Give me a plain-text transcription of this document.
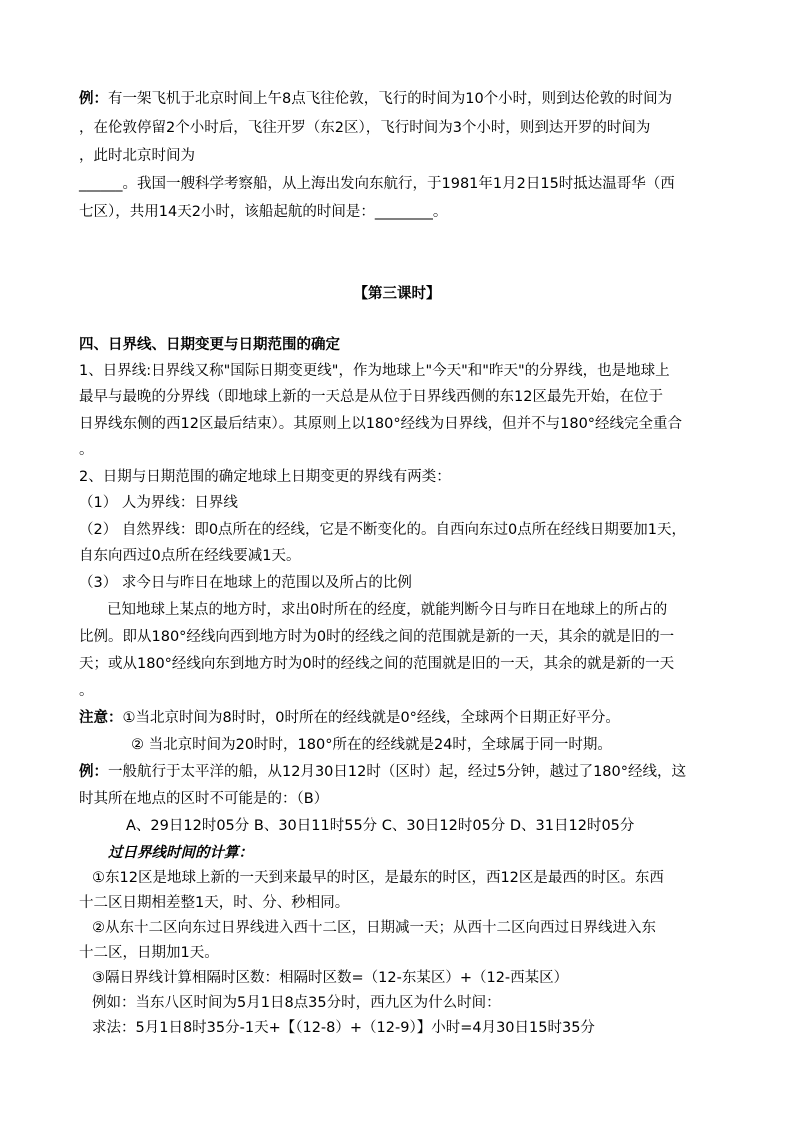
例：有一架飞机于北京时间上午8点飞往伦敦，飞行的时间为10个小时，则到达伦敦的时间为
，在伦敦停留2个小时后，飞往开罗（东2区），飞行时间为3个小时，则到达开罗的时间为
，此时北京时间为
______。我国一艘科学考察船，从上海出发向东航行，于1981年1月2日15时抵达温哥华（西
七区），共用14天2小时，该船起航的时间是：________。
【第三课时】
四、日界线、日期变更与日期范围的确定
1、日界线:日界线又称"国际日期变更线"，作为地球上"今天"和"昨天"的分界线，也是地球上
最早与最晚的分界线（即地球上新的一天总是从位于日界线西侧的东12区最先开始，在位于
日界线东侧的西12区最后结束）。其原则上以180°经线为日界线，但并不与180°经线完全重合
。
2、日期与日期范围的确定地球上日期变更的界线有两类：
（1） 人为界线：日界线
（2） 自然界线：即0点所在的经线，它是不断变化的。自西向东过0点所在经线日期要加1天，
自东向西过0点所在经线要减1天。
（3） 求今日与昨日在地球上的范围以及所占的比例
已知地球上某点的地方时，求出0时所在的经度，就能判断今日与昨日在地球上的所占的
比例。即从180°经线向西到地方时为0时的经线之间的范围就是新的一天，其余的就是旧的一
天；或从180°经线向东到地方时为0时的经线之间的范围就是旧的一天，其余的就是新的一天
。
注意：①当北京时间为8时时，0时所在的经线就是0°经线，全球两个日期正好平分。
② 当北京时间为20时时，180°所在的经线就是24时，全球属于同一时期。
例：一般航行于太平洋的船，从12月30日12时（区时）起，经过5分钟，越过了180°经线，这
时其所在地点的区时不可能是的：（B）
A、29日12时05分 B、30日11时55分 C、30日12时05分 D、31日12时05分
过日界线时间的计算：
①东12区是地球上新的一天到来最早的时区，是最东的时区，西12区是最西的时区。东西
十二区日期相差整1天，时、分、秒相同。
②从东十二区向东过日界线进入西十二区，日期减一天；从西十二区向西过日界线进入东
十二区，日期加1天。
③隔日界线计算相隔时区数：相隔时区数=（12-东某区）+（12-西某区）
例如：当东八区时间为5月1日8点35分时，西九区为什么时间：
求法：5月1日8时35分-1天+【（12-8）+（12-9）】小时=4月30日15时35分
